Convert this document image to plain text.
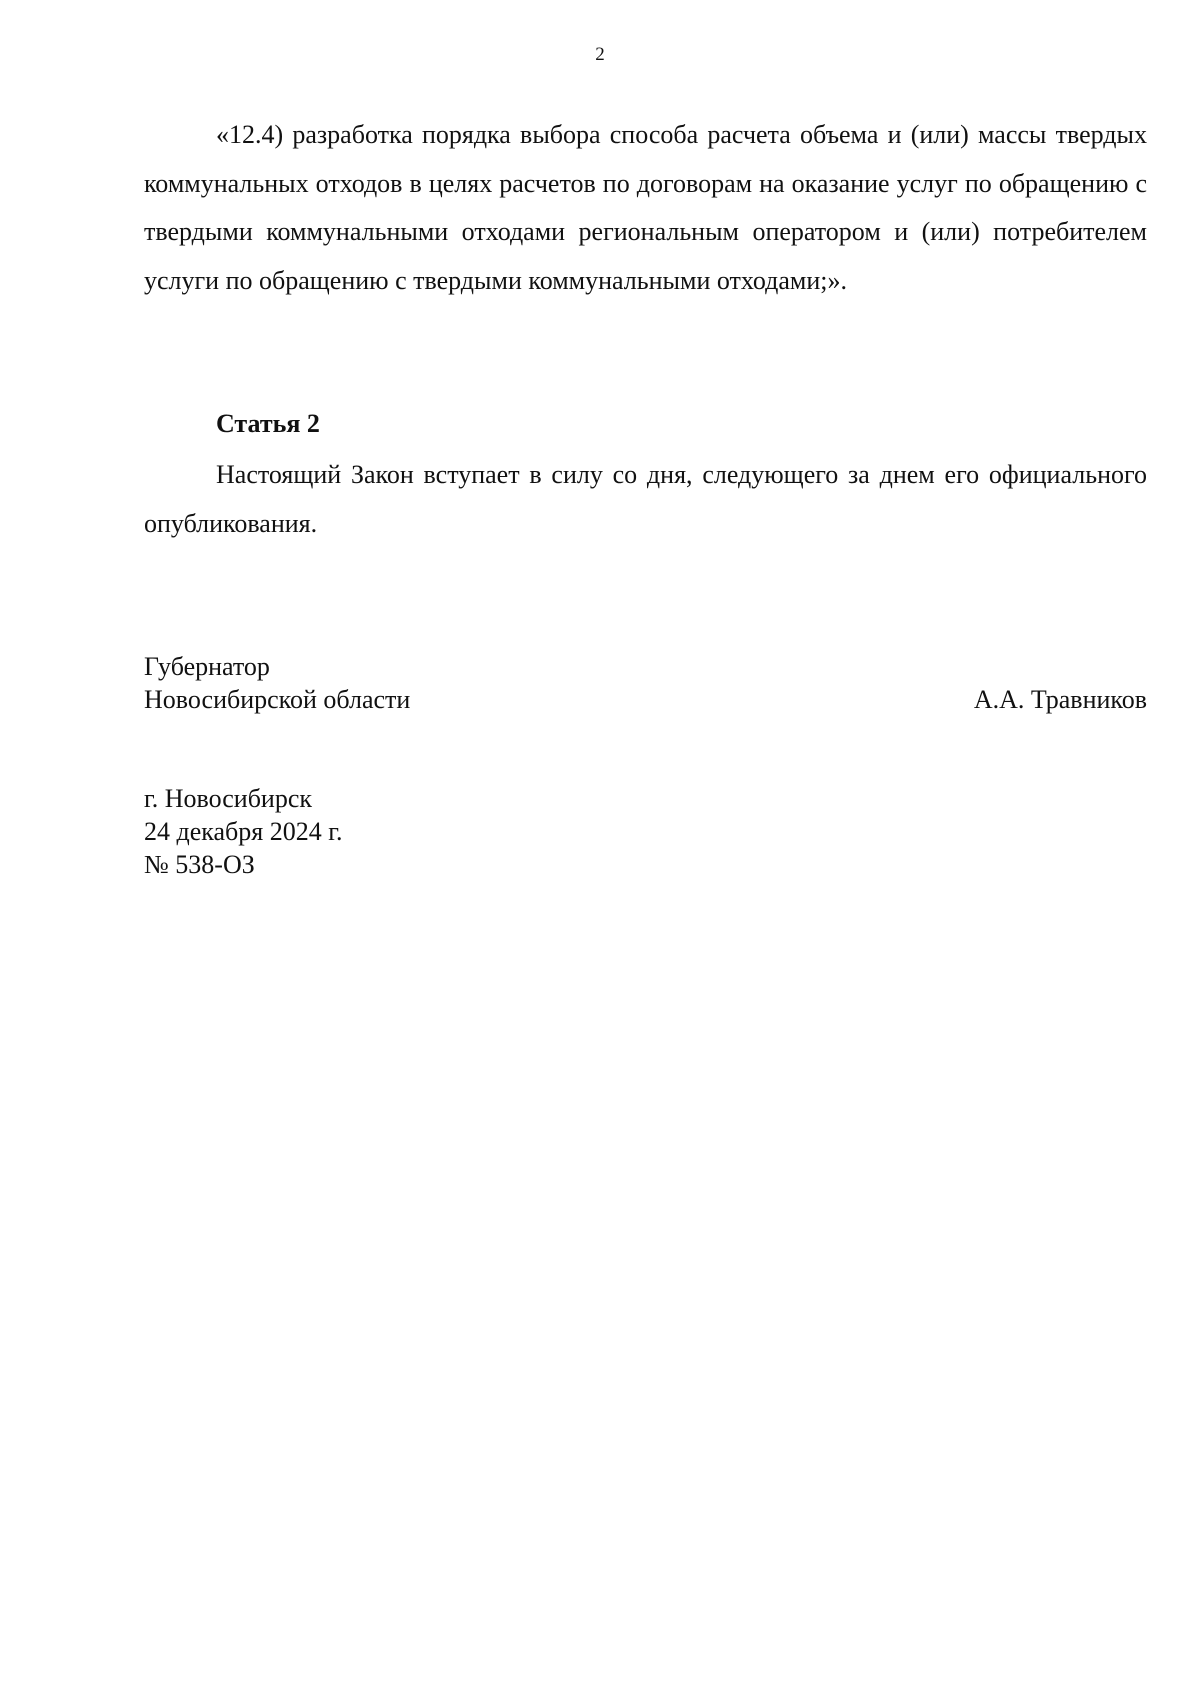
2

«12.4) разработка порядка выбора способа расчета объема и (или) массы твердых коммунальных отходов в целях расчетов по договорам на оказание услуг по обращению с твердыми коммунальными отходами региональным оператором и (или) потребителем услуги по обращению с твердыми коммунальными отходами;».

Статья 2

Настоящий Закон вступает в силу со дня, следующего за днем его официального опубликования.

Губернатор
Новосибирской области	А.А. Травников
г. Новосибирск
24 декабря 2024 г.
№ 538-ОЗ
